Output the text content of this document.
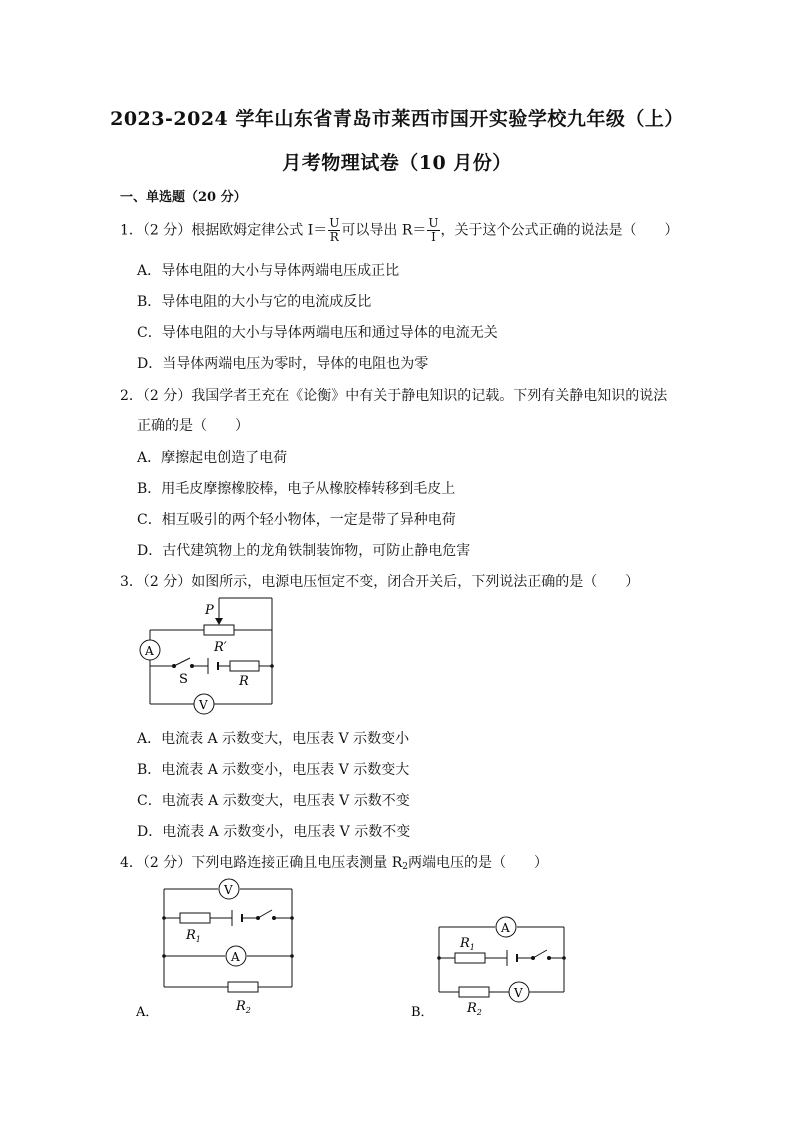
2023-2024 学年山东省青岛市莱西市国开实验学校九年级（上）
月考物理试卷（10 月份）
一、单选题（20 分）
1．（2 分）根据欧姆定律公式 $I= \frac{U}{R}$ 可以导出 $R= \frac{U}{I}$ ，关于这个公式正确的说法是（　　）
A．导体电阻的大小与导体两端电压成正比
B．导体电阻的大小与它的电流成反比
C．导体电阻的大小与导体两端电压和通过导体的电流无关
D．当导体两端电压为零时，导体的电阻也为零
2．（2 分）我国学者王充在《论衡》中有关于静电知识的记载。下列有关静电知识的说法
正确的是（　　）
A．摩擦起电创造了电荷
B．用毛皮摩擦橡胶棒，电子从橡胶棒转移到毛皮上
C．相互吸引的两个轻小物体，一定是带了异种电荷
D．古代建筑物上的龙角铁制装饰物，可防止静电危害
3．（2 分）如图所示，电源电压恒定不变，闭合开关后，下列说法正确的是（　　）
P
R′
A
S	R
V
A．电流表 A 示数变大，电压表 V 示数变小
B．电流表 A 示数变小，电压表 V 示数变大
C．电流表 A 示数变大，电压表 V 示数不变
D．电流表 A 示数变小，电压表 V 示数不变
4．（2 分）下列电路连接正确且电压表测量 $R_2$两端电压的是（　　）
V
$R_1$
A
$R_2$
A．
A
$R_1$
$R_2$
V
B．
